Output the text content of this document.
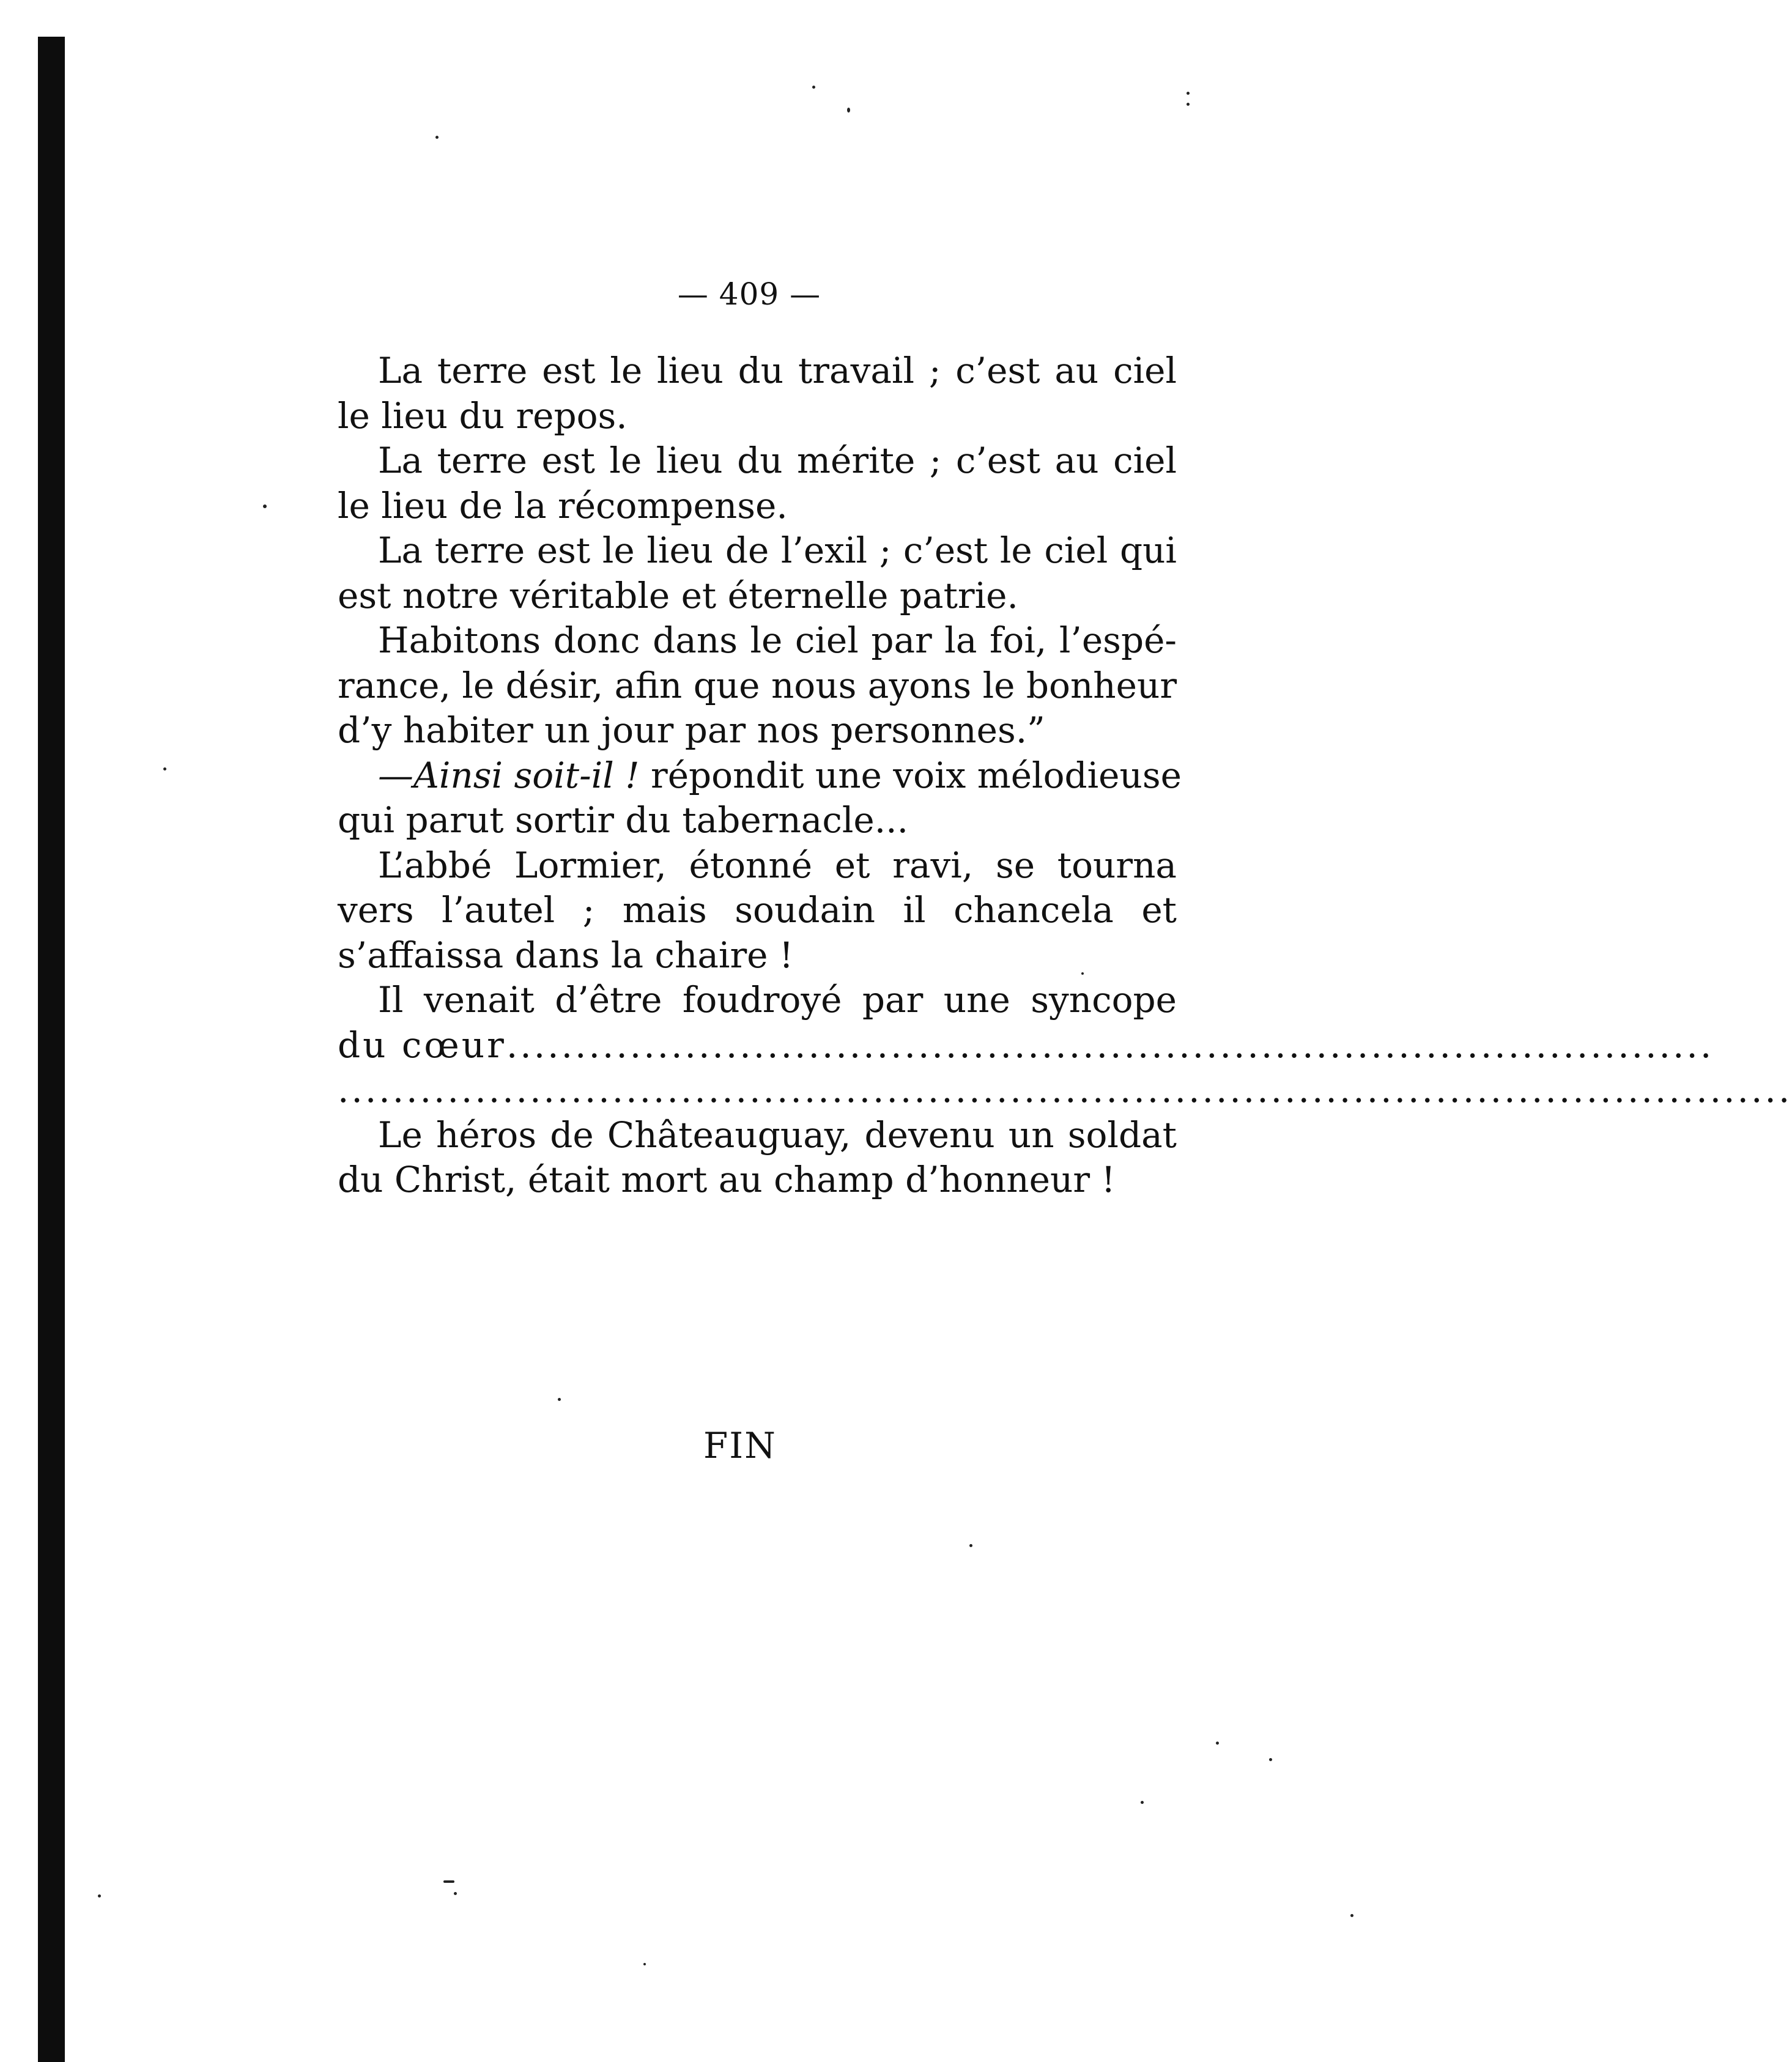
— 409 —
La terre est le lieu du travail ; c’est au ciel
le lieu du repos.
La terre est le lieu du mérite ; c’est au ciel
le lieu de la récompense.
La terre est le lieu de l’exil ; c’est le ciel qui
est notre véritable et éternelle patrie.
Habitons donc dans le ciel par la foi, l’espé-
rance, le désir, afin que nous ayons le bonheur
d’y habiter un jour par nos personnes.”
—Ainsi soit-il ! répondit une voix mélodieuse
qui parut sortir du tabernacle...
L’abbé Lormier, étonné et ravi, se tourna
vers l’autel ; mais soudain il chancela et
s’affaissa dans la chaire !
Il venait d’être foudroyé par une syncope
du cœur........................................................................................
..........................................................................................................
Le héros de Châteauguay, devenu un soldat
du Christ, était mort au champ d’honneur !
FIN
